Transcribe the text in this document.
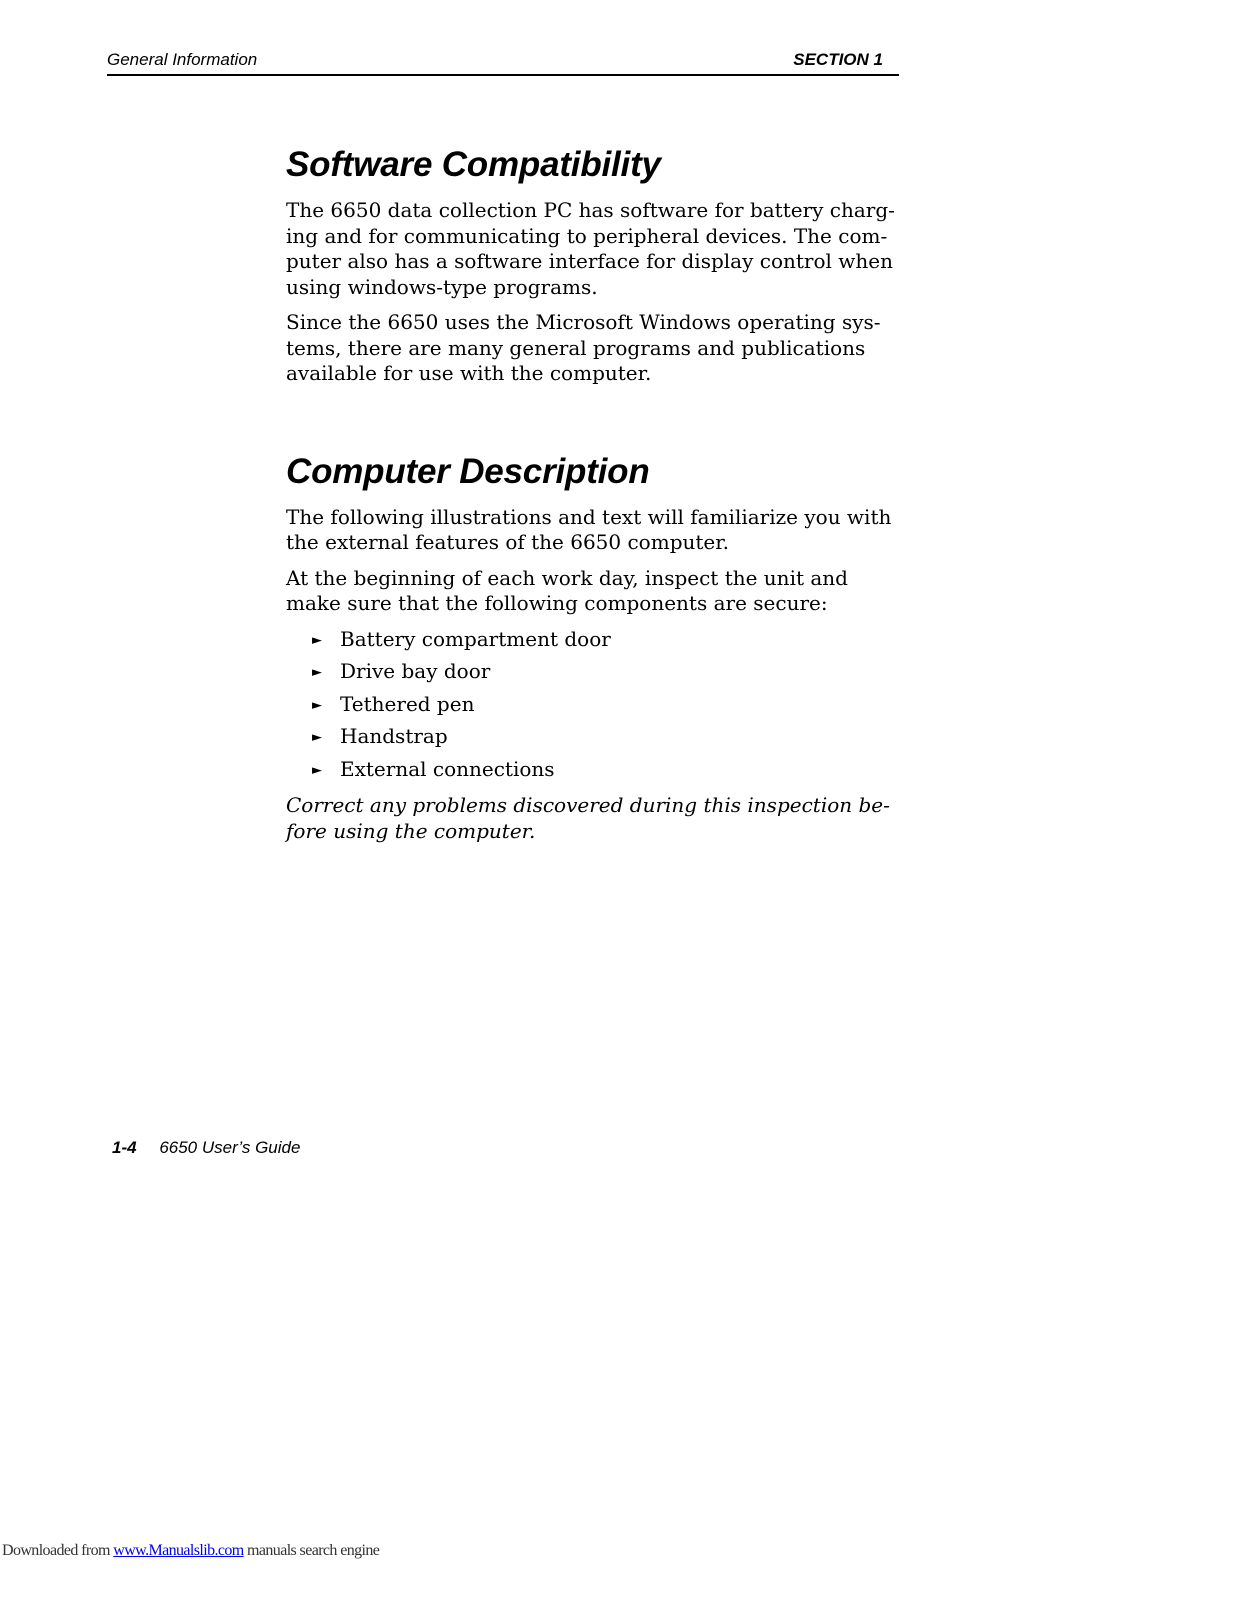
General Information	SECTION 1
Software Compatibility

The 6650 data collection PC has software for battery charg- ing and for communicating to peripheral devices. The com- puter also has a software interface for display control when using windows-type programs.

Since the 6650 uses the Microsoft Windows operating sys- tems, there are many general programs and publications available for use with the computer.

Computer Description

The following illustrations and text will familiarize you with the external features of the 6650 computer.

At the beginning of each work day, inspect the unit and make sure that the following components are secure:

► Battery compartment door
► Drive bay door
► Tethered pen
► Handstrap
► External connections

Correct any problems discovered during this inspection be- fore using the computer.

1-4 6650 User’s Guide
Downloaded from www.Manualslib.com manuals search engine
